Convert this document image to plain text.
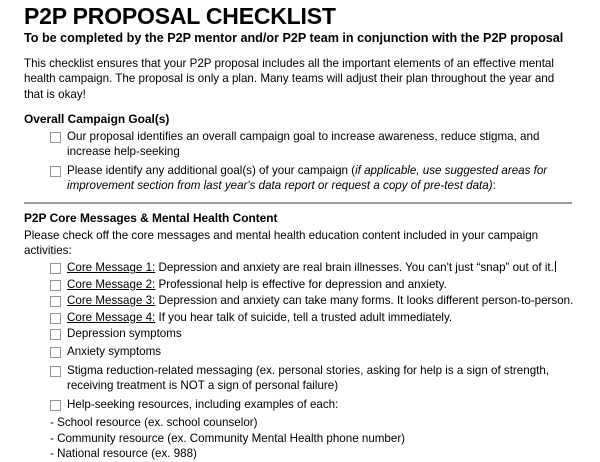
P2P PROPOSAL CHECKLIST
To be completed by the P2P mentor and/or P2P team in conjunction with the P2P proposal

This checklist ensures that your P2P proposal includes all the important elements of an effective mental health campaign. The proposal is only a plan. Many teams will adjust their plan throughout the year and that is okay!

Overall Campaign Goal(s)
Our proposal identifies an overall campaign goal to increase awareness, reduce stigma, and increase help-seeking
Please identify any additional goal(s) of your campaign (if applicable, use suggested areas for improvement section from last year's data report or request a copy of pre-test data):
P2P Core Messages & Mental Health Content

Please check off the core messages and mental health education content included in your campaign activities:

Core Message 1: Depression and anxiety are real brain illnesses. You can't just “snap” out of it.
Core Message 2: Professional help is effective for depression and anxiety.
Core Message 3: Depression and anxiety can take many forms. It looks different person-to-person.
Core Message 4: If you hear talk of suicide, tell a trusted adult immediately.
Depression symptoms
Anxiety symptoms
Stigma reduction-related messaging (ex. personal stories, asking for help is a sign of strength, receiving treatment is NOT a sign of personal failure)
Help-seeking resources, including examples of each:
- School resource (ex. school counselor)
- Community resource (ex. Community Mental Health phone number)
- National resource (ex. 988)
